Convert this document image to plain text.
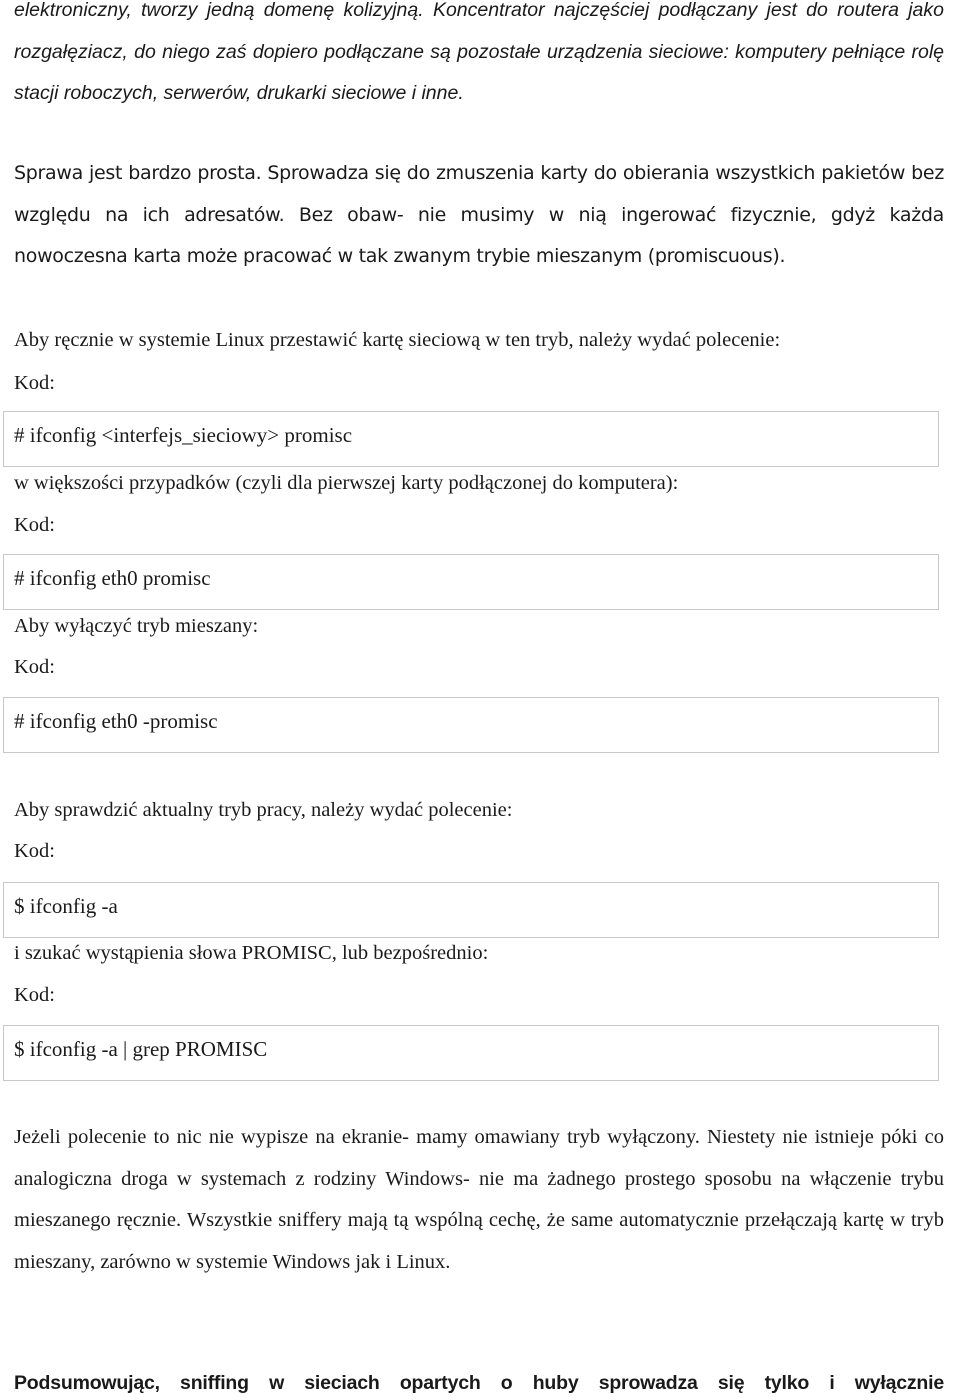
elektroniczny, tworzy jedną domenę kolizyjną. Koncentrator najczęściej podłączany jest do routera jako rozgałęziacz, do niego zaś dopiero podłączane są pozostałe urządzenia sieciowe: komputery pełniące rolę stacji roboczych, serwerów, drukarki sieciowe i inne.

Sprawa jest bardzo prosta. Sprowadza się do zmuszenia karty do obierania wszystkich pakietów bez względu na ich adresatów. Bez obaw- nie musimy w nią ingerować fizycznie, gdyż każda nowoczesna karta może pracować w tak zwanym trybie mieszanym (promiscuous).

Aby ręcznie w systemie Linux przestawić kartę sieciową w ten tryb, należy wydać polecenie:

Kod:

# ifconfig <interfejs_sieciowy> promisc

w większości przypadków (czyli dla pierwszej karty podłączonej do komputera):

Kod:

# ifconfig eth0 promisc

Aby wyłączyć tryb mieszany:

Kod:

# ifconfig eth0 -promisc

Aby sprawdzić aktualny tryb pracy, należy wydać polecenie:

Kod:

$ ifconfig -a

i szukać wystąpienia słowa PROMISC, lub bezpośrednio:

Kod:

$ ifconfig -a | grep PROMISC

Jeżeli polecenie to nic nie wypisze na ekranie- mamy omawiany tryb wyłączony. Niestety nie istnieje póki co analogiczna droga w systemach z rodziny Windows- nie ma żadnego prostego sposobu na włączenie trybu mieszanego ręcznie. Wszystkie sniffery mają tą wspólną cechę, że same automatycznie przełączają kartę w tryb mieszany, zarówno w systemie Windows jak i Linux.

Podsumowując, sniffing w sieciach opartych o huby sprowadza się tylko i wyłącznie
